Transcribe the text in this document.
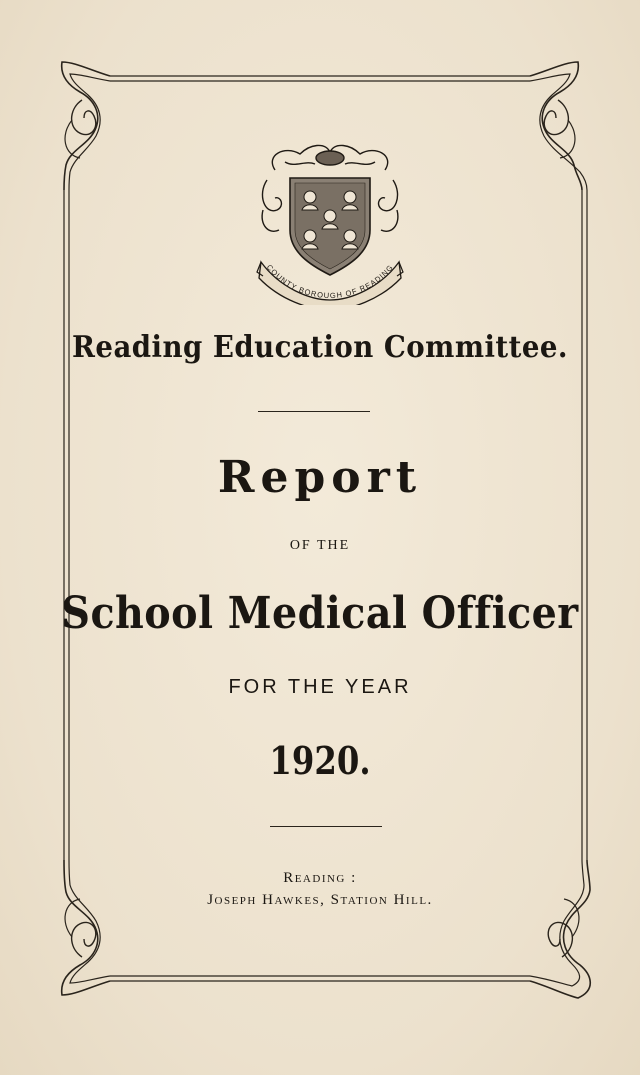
COUNTY BOROUGH OF READING
Reading Education Committee.
Report
OF THE
School Medical Officer
FOR THE YEAR
1920.
Reading :
Joseph Hawkes, Station Hill.
